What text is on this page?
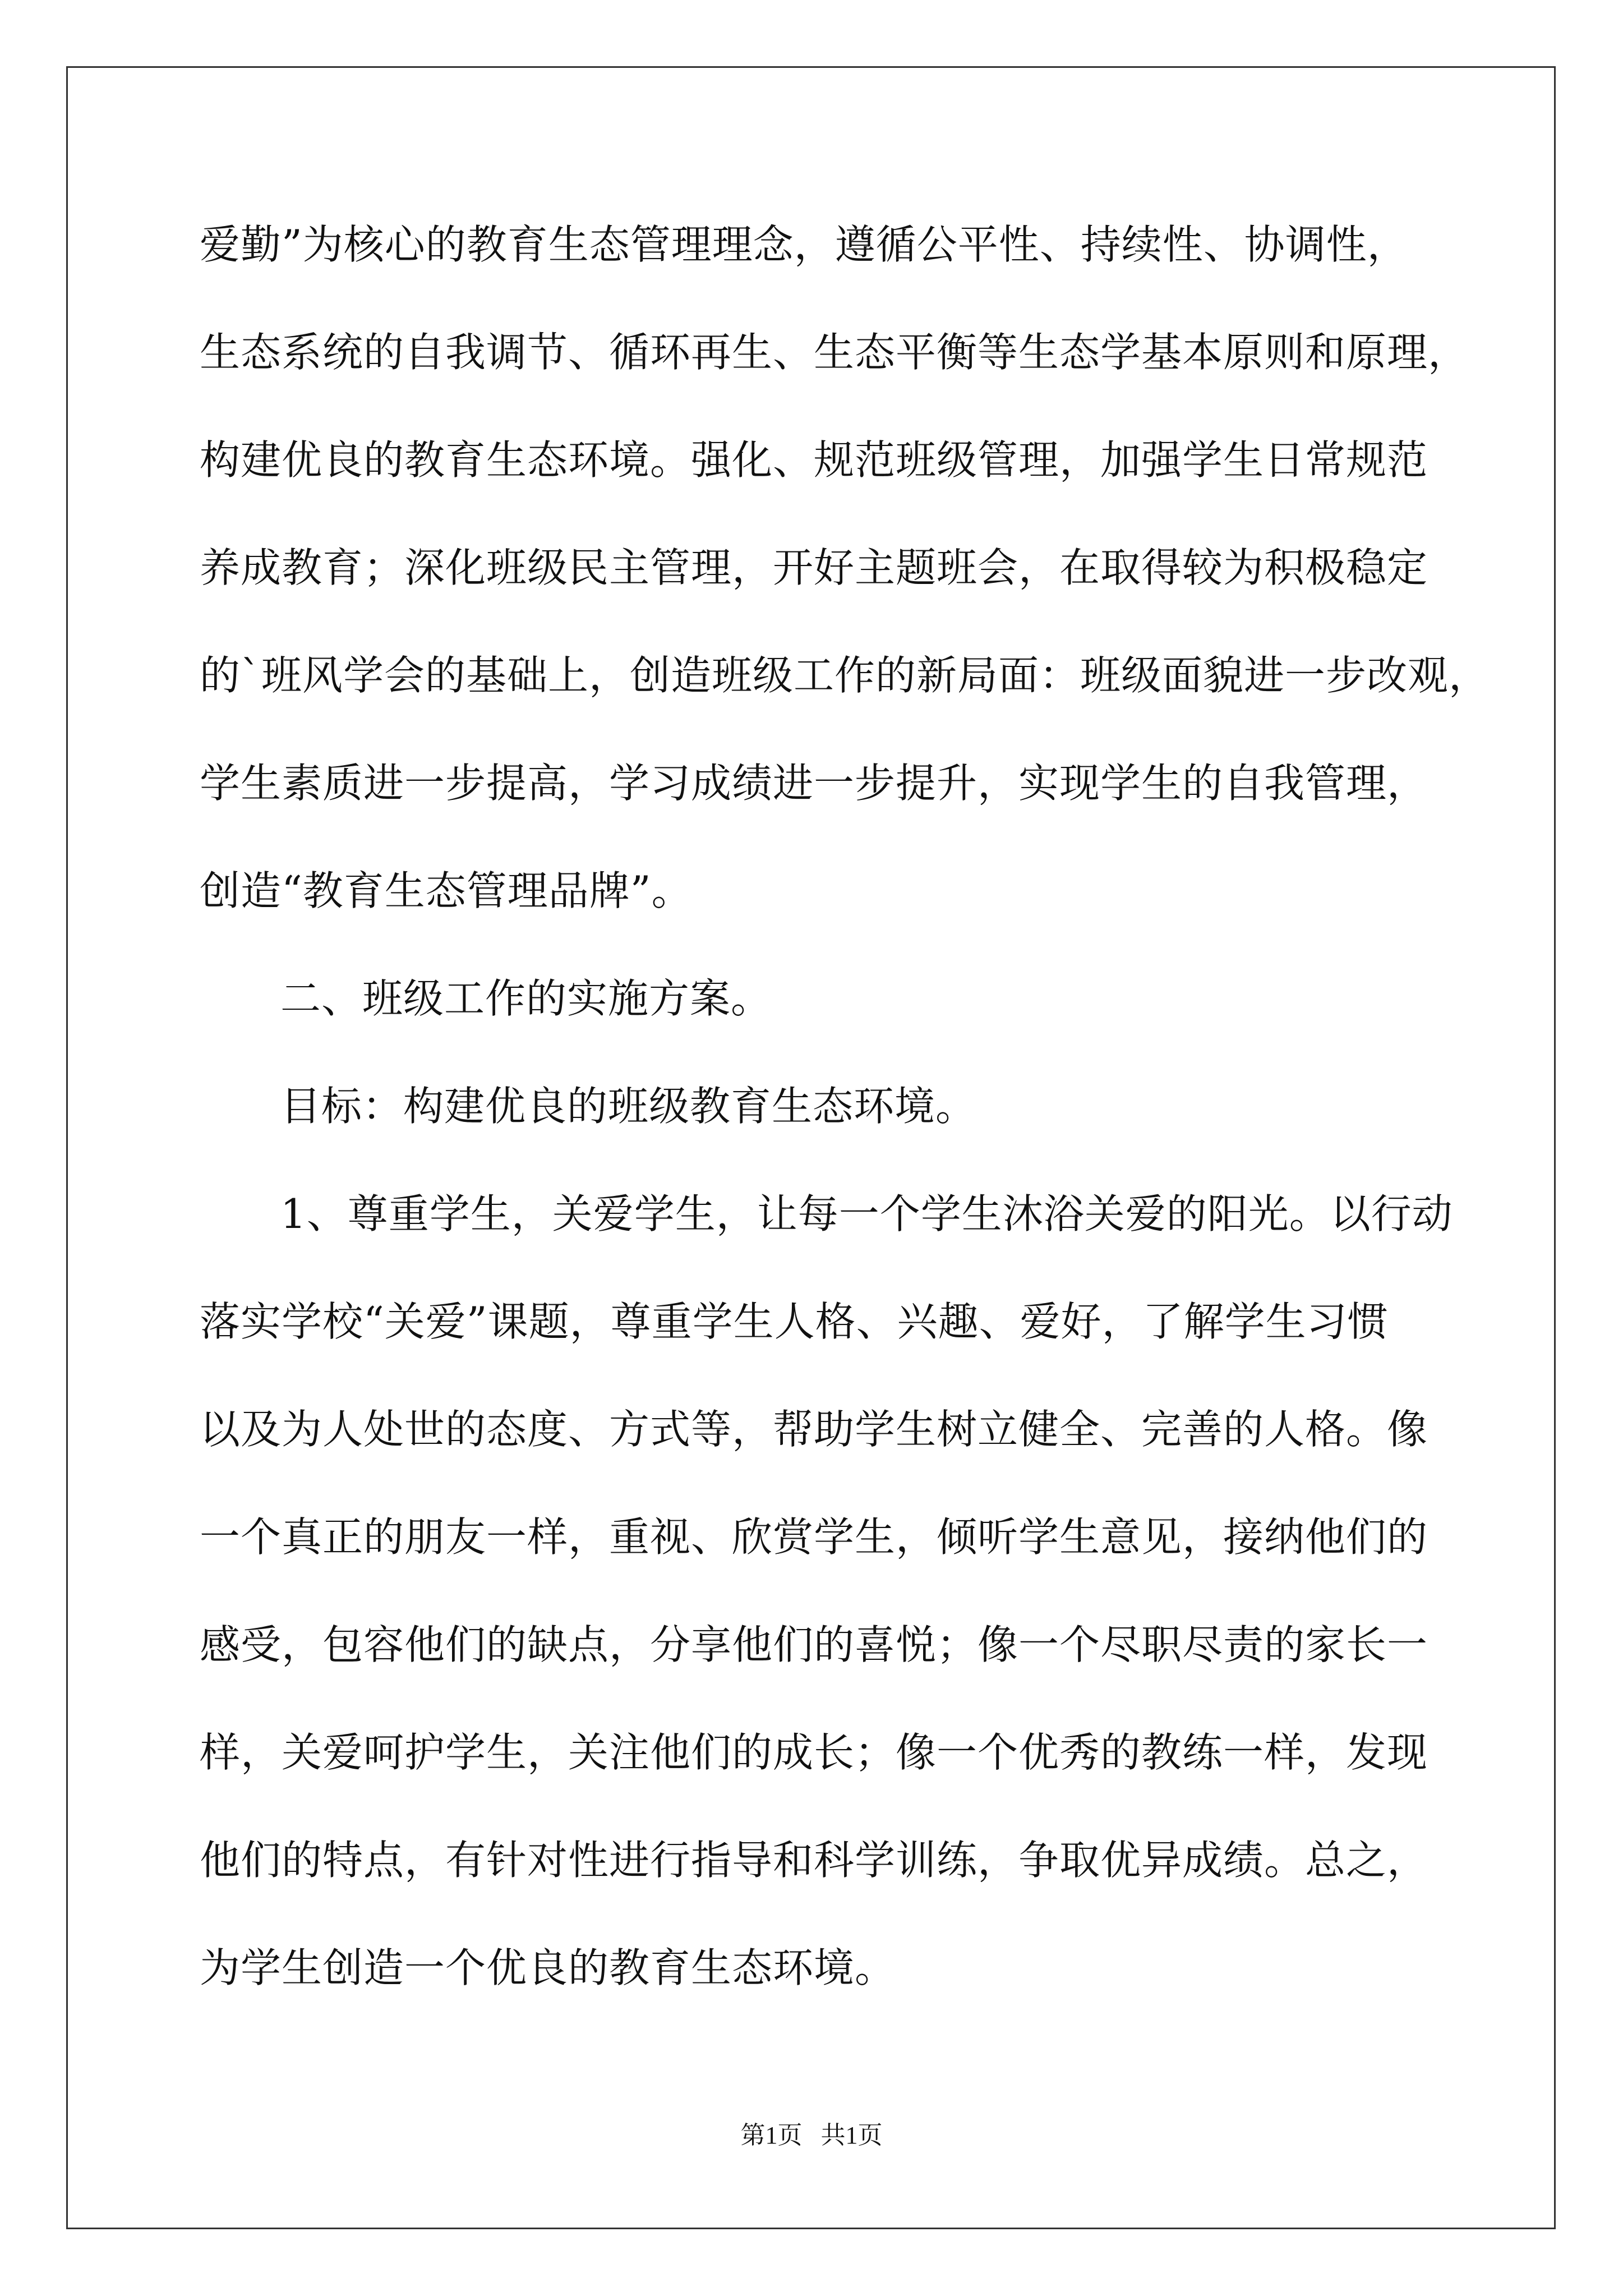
爱勤”为核心的教育生态管理理念，遵循公平性、持续性、协调性，
生态系统的自我调节、循环再生、生态平衡等生态学基本原则和原理，
构建优良的教育生态环境。强化、规范班级管理，加强学生日常规范
养成教育；深化班级民主管理，开好主题班会，在取得较为积极稳定
的`班风学会的基础上，创造班级工作的新局面：班级面貌进一步改观，
学生素质进一步提高，学习成绩进一步提升，实现学生的自我管理，
创造“教育生态管理品牌”。
二、班级工作的实施方案。
目标：构建优良的班级教育生态环境。
1、尊重学生，关爱学生，让每一个学生沐浴关爱的阳光。以行动
落实学校“关爱”课题，尊重学生人格、兴趣、爱好，了解学生习惯
以及为人处世的态度、方式等，帮助学生树立健全、完善的人格。像
一个真正的朋友一样，重视、欣赏学生，倾听学生意见，接纳他们的
感受，包容他们的缺点，分享他们的喜悦；像一个尽职尽责的家长一
样，关爱呵护学生，关注他们的成长；像一个优秀的教练一样，发现
他们的特点，有针对性进行指导和科学训练，争取优异成绩。总之，
为学生创造一个优良的教育生态环境。
第1页   共1页
